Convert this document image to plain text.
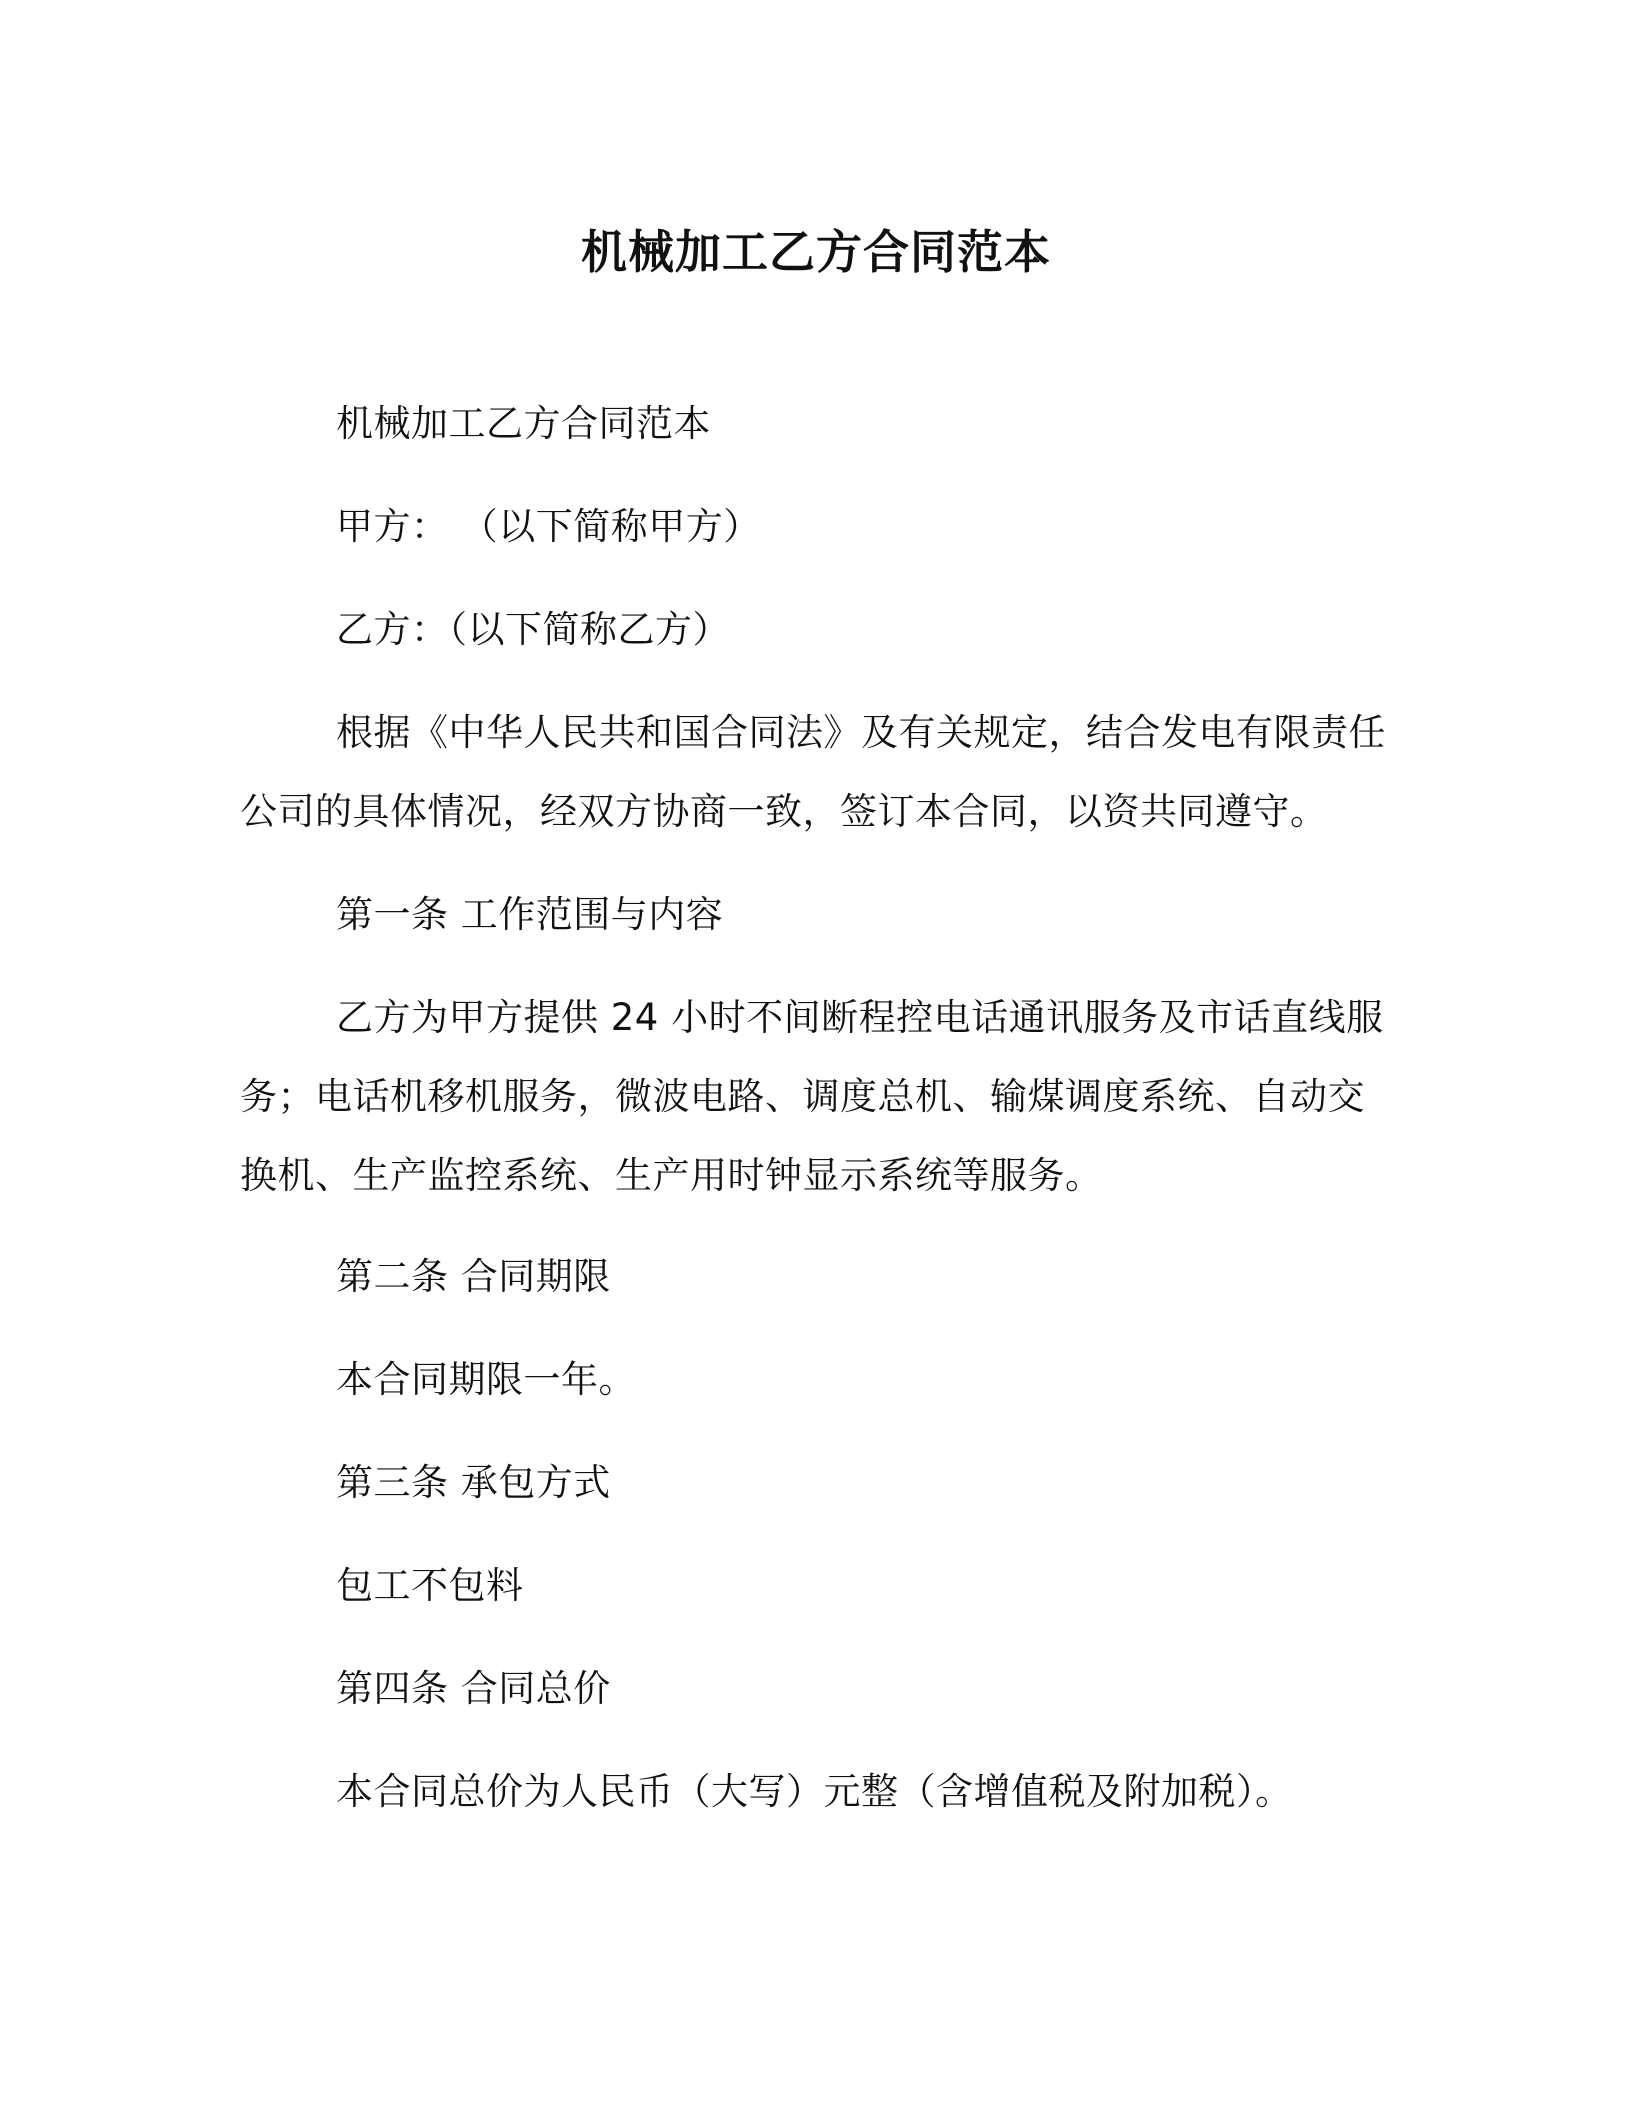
机械加工乙方合同范本

机械加工乙方合同范本

甲方： （以下简称甲方）

乙方：（以下简称乙方）

根据《中华人民共和国合同法》及有关规定，结合发电有限责任公司的具体情况，经双方协商一致，签订本合同，以资共同遵守。

第一条 工作范围与内容

乙方为甲方提供 24 小时不间断程控电话通讯服务及市话直线服务；电话机移机服务，微波电路、调度总机、输煤调度系统、自动交换机、生产监控系统、生产用时钟显示系统等服务。

第二条 合同期限

本合同期限一年。

第三条 承包方式

包工不包料

第四条 合同总价

本合同总价为人民币（大写）元整（含增值税及附加税）。
